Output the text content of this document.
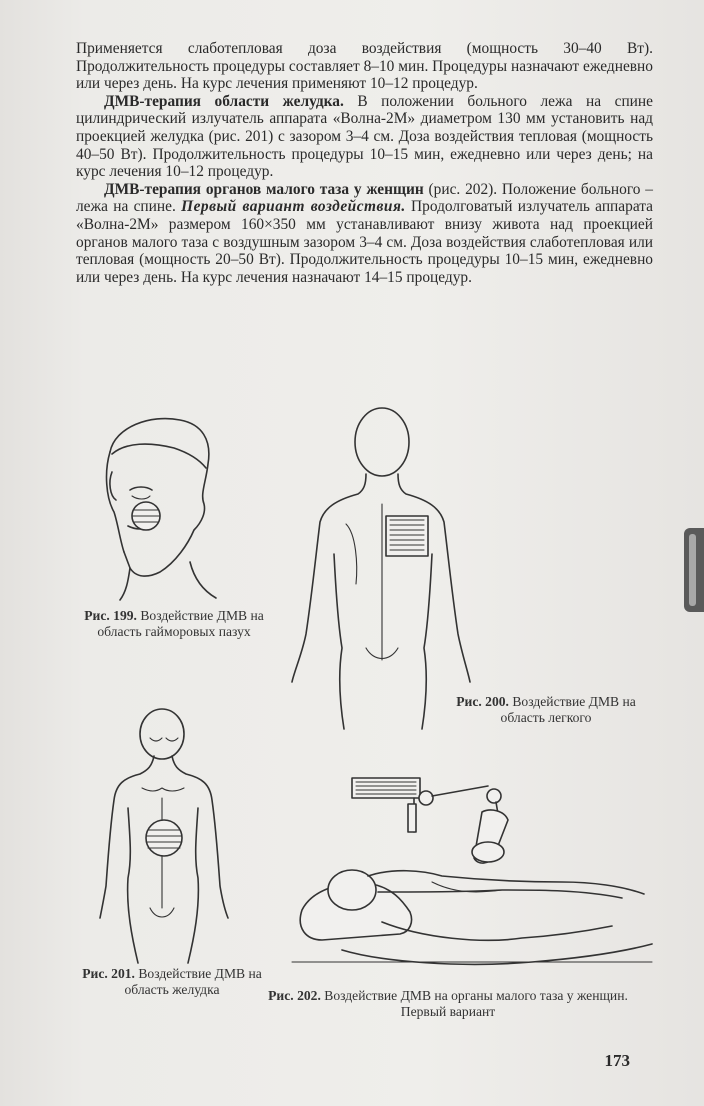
Применяется слаботепловая доза воздействия (мощность 30–40 Вт). Продолжительность процедуры составляет 8–10 мин. Процедуры назначают ежедневно или через день. На курс лечения применяют 10–12 процедур.

ДМВ-терапия области желудка. В положении больного лежа на спине цилиндрический излучатель аппарата «Волна-2М» диаметром 130 мм установить над проекцией желудка (рис. 201) с зазором 3–4 см. Доза воздействия тепловая (мощность 40–50 Вт). Продолжительность процедуры 10–15 мин, ежедневно или через день; на курс лечения 10–12 процедур.

ДМВ-терапия органов малого таза у женщин (рис. 202). Положение больного – лежа на спине. Первый вариант воздействия. Продолговатый излучатель аппарата «Волна-2М» размером 160×350 мм устанавливают внизу живота над проекцией органов малого таза с воздушным зазором 3–4 см. Доза воздействия слаботепловая или тепловая (мощность 20–50 Вт). Продолжительность процедуры 10–15 мин, ежедневно или через день. На курс лечения назначают 14–15 процедур.

Рис. 199. Воздействие ДМВ на область гайморовых пазух
Рис. 200. Воздействие ДМВ на область легкого
Рис. 201. Воздействие ДМВ на область желудка	Рис. 202. Воздействие ДМВ на органы малого таза у женщин. Первый вариант
173
